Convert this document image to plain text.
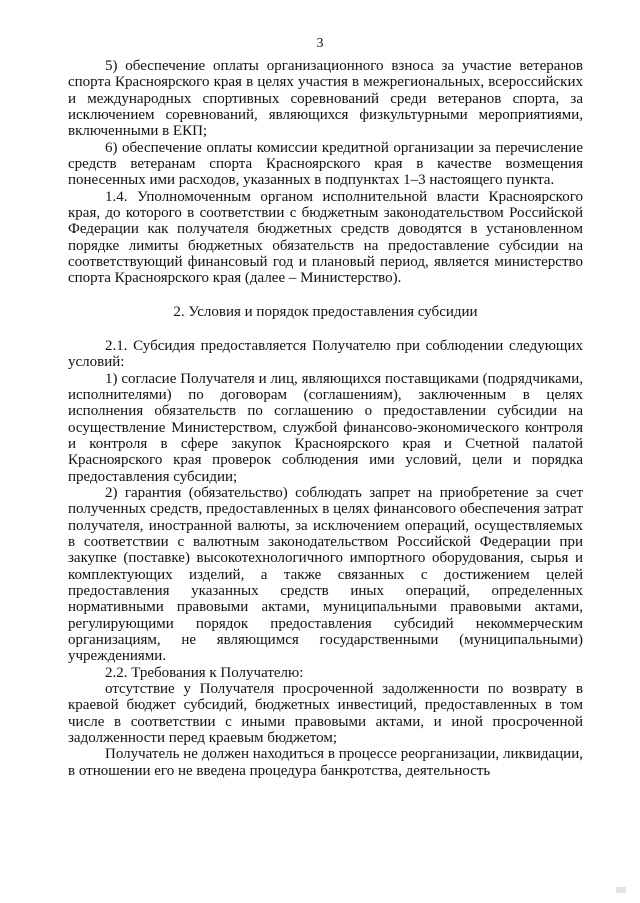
3

5) обеспечение оплаты организационного взноса за участие ветеранов спорта Красноярского края в целях участия в межрегиональных, всероссийских и международных спортивных соревнований среди ветеранов спорта, за исключением соревнований, являющихся физкультурными мероприятиями, включенными в ЕКП;

6) обеспечение оплаты комиссии кредитной организации за перечисление средств ветеранам спорта Красноярского края в качестве возмещения понесенных ими расходов, указанных в подпунктах 1–3 настоящего пункта.

1.4. Уполномоченным органом исполнительной власти Красноярского края, до которого в соответствии с бюджетным законодательством Российской Федерации как получателя бюджетных средств доводятся в установленном порядке лимиты бюджетных обязательств на предоставление субсидии на соответствующий финансовый год и плановый период, является министерство спорта Красноярского края (далее – Министерство).

2. Условия и порядок предоставления субсидии

2.1. Субсидия предоставляется Получателю при соблюдении следующих условий:

1) согласие Получателя и лиц, являющихся поставщиками (подрядчиками, исполнителями) по договорам (соглашениям), заключенным в целях исполнения обязательств по соглашению о предоставлении субсидии на осуществление Министерством, службой финансово-экономического контроля и контроля в сфере закупок Красноярского края и Счетной палатой Красноярского края проверок соблюдения ими условий, цели и порядка предоставления субсидии;

2) гарантия (обязательство) соблюдать запрет на приобретение за счет полученных средств, предоставленных в целях финансового обеспечения затрат получателя, иностранной валюты, за исключением операций, осуществляемых в соответствии с валютным законодательством Российской Федерации при закупке (поставке) высокотехнологичного импортного оборудования, сырья и комплектующих изделий, а также связанных с достижением целей предоставления указанных средств иных операций, определенных нормативными правовыми актами, муниципальными правовыми актами, регулирующими порядок предоставления субсидий некоммерческим организациям, не являющимся государственными (муниципальными) учреждениями.

2.2. Требования к Получателю:

отсутствие у Получателя просроченной задолженности по возврату в краевой бюджет субсидий, бюджетных инвестиций, предоставленных в том числе в соответствии с иными правовыми актами, и иной просроченной задолженности перед краевым бюджетом;

Получатель не должен находиться в процессе реорганизации, ликвидации, в отношении его не введена процедура банкротства, деятельность
